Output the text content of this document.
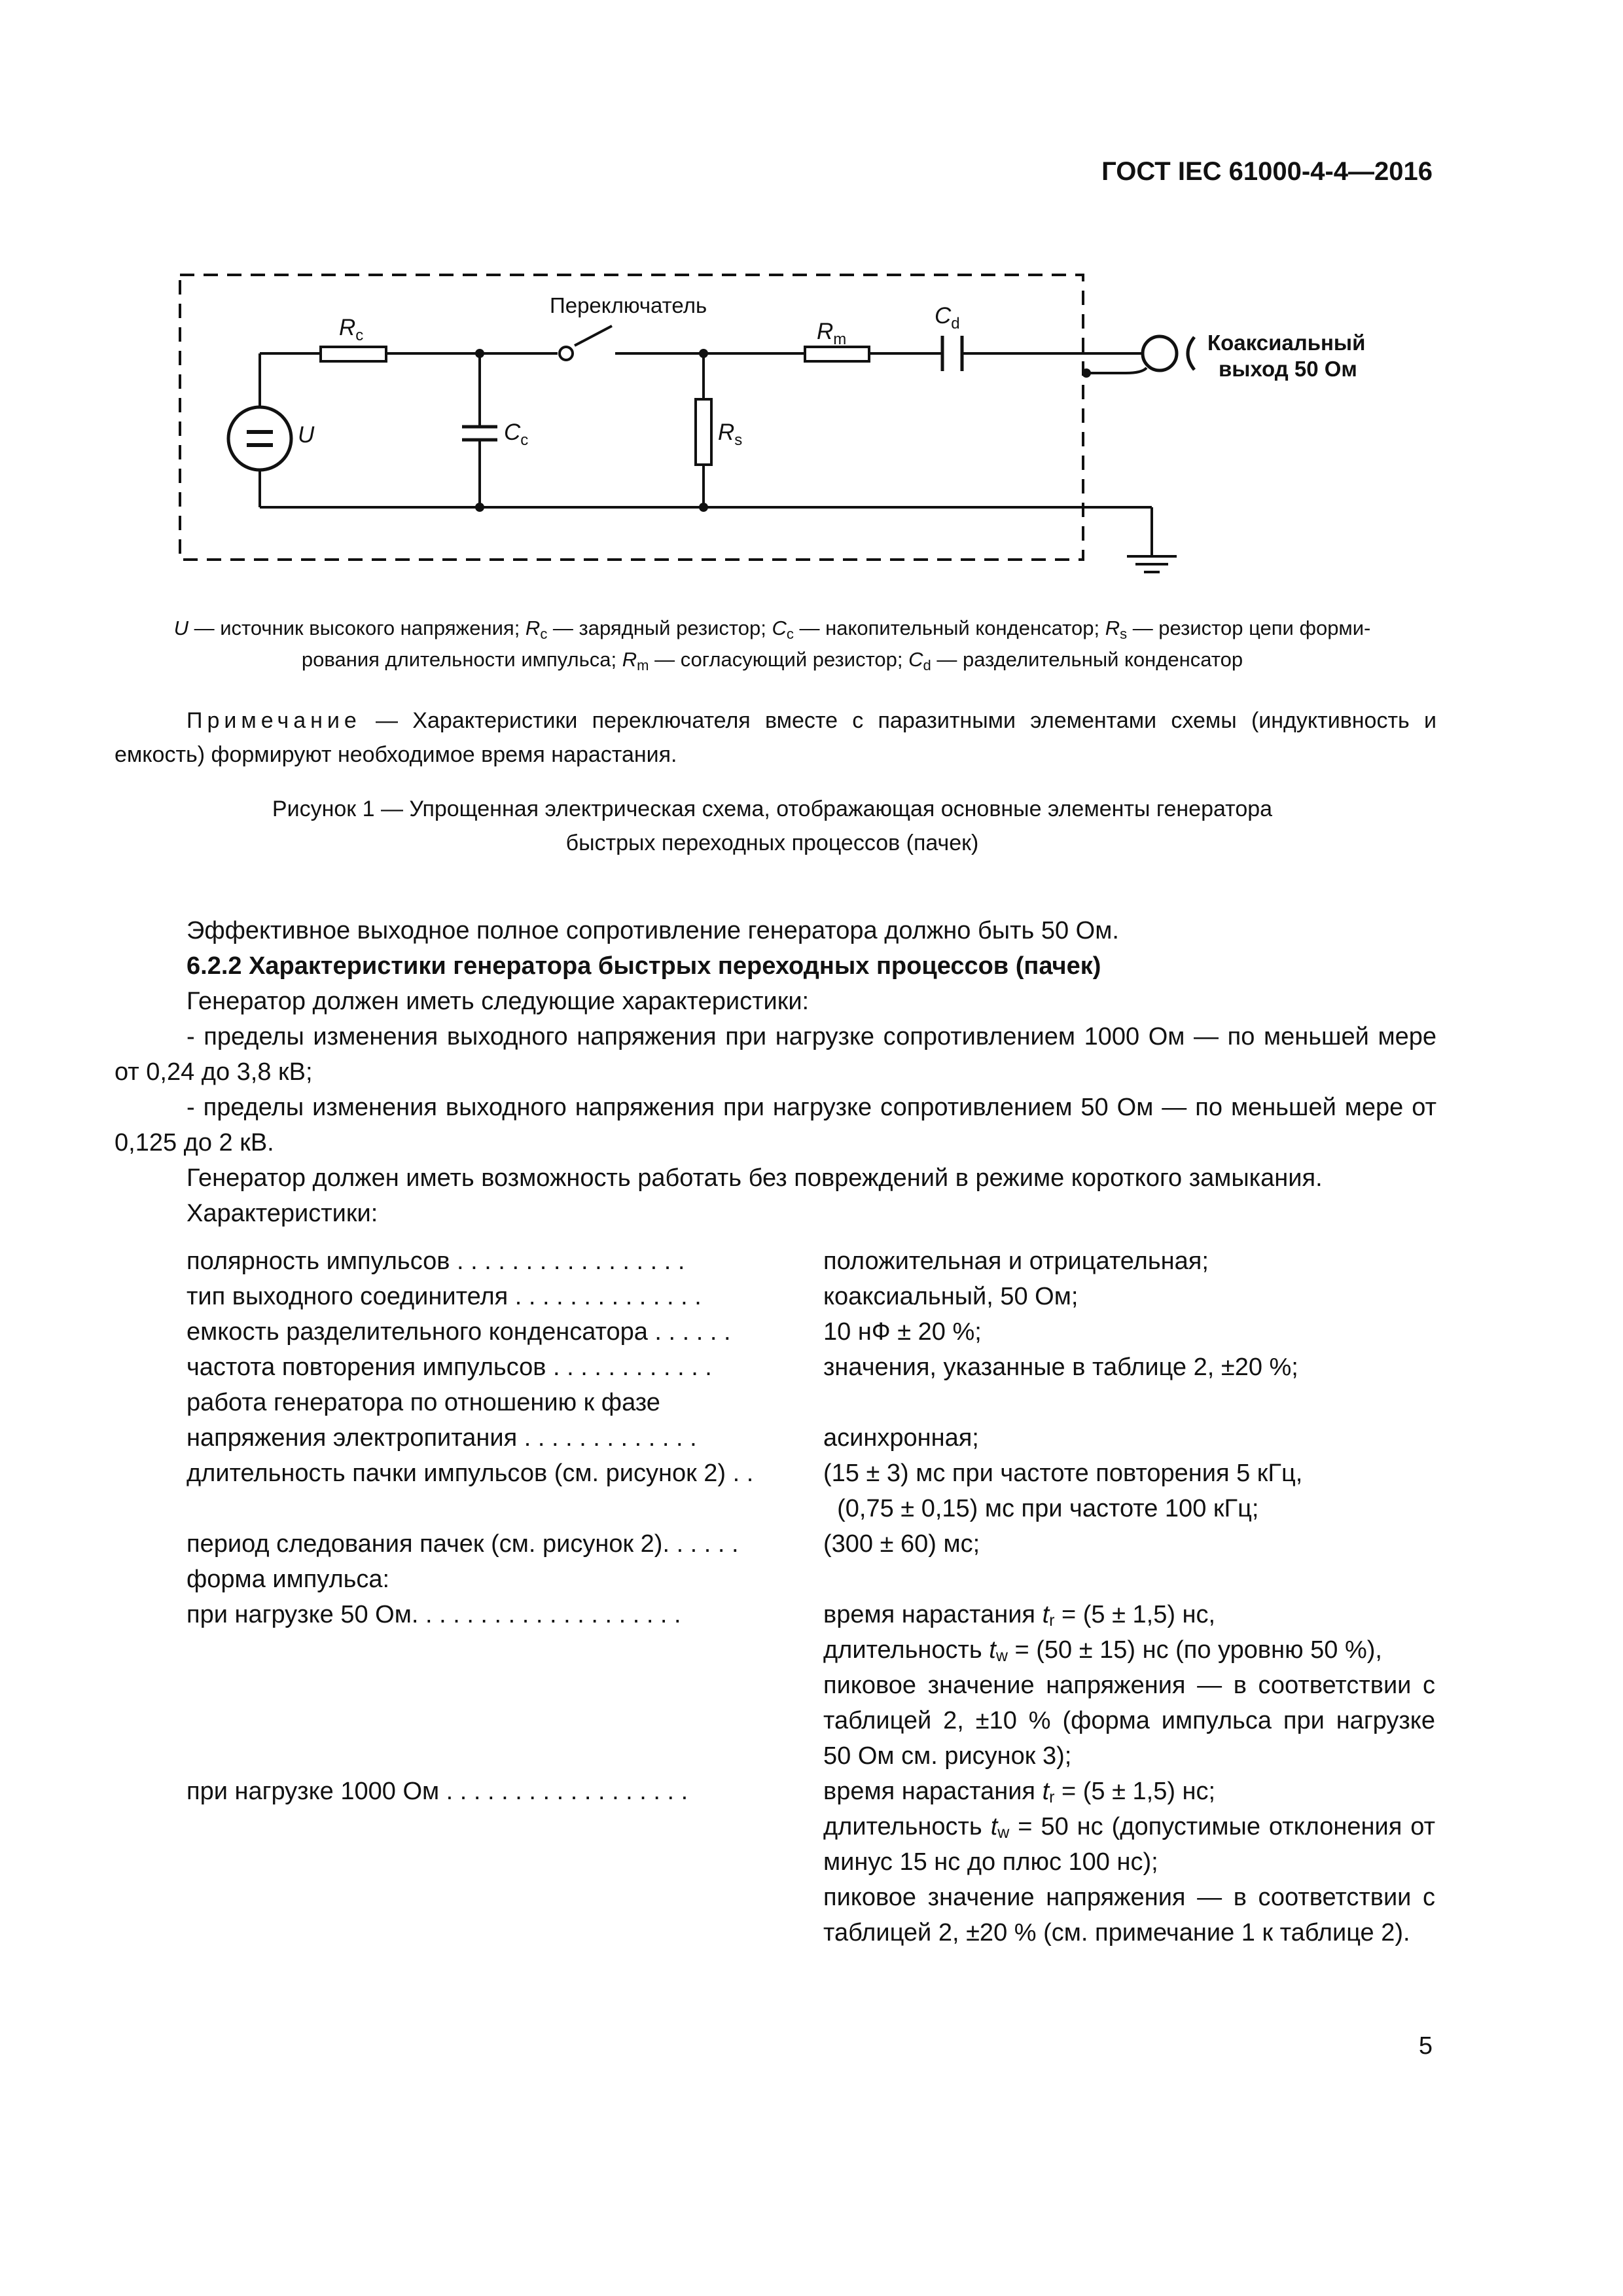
ГОСТ IEC 61000-4-4—2016
Переключатель
$R_c$	$R_m$
$C_d$
$C_c$	$R_s$
U
Коаксиальный
выход 50 Ом
U — источник высокого напряжения; $R_c$ — зарядный резистор; $C_c$ — накопительный конденсатор; $R_s$ — резистор цепи форми-
рования длительности импульса; $R_m$ — согласующий резистор; $C_d$ — разделительный конденсатор
Примечание — Характеристики переключателя вместе с паразитными элементами схемы (индуктивность и емкость) формируют необходимое время нарастания.
Рисунок 1 — Упрощенная электрическая схема, отображающая основные элементы генератора
быстрых переходных процессов (пачек)
Эффективное выходное полное сопротивление генератора должно быть 50 Ом.
6.2.2 Характеристики генератора быстрых переходных процессов (пачек)
Генератор должен иметь следующие характеристики:
- пределы изменения выходного напряжения при нагрузке сопротивлением 1000 Ом — по меньшей мере от 0,24 до 3,8 кВ;
- пределы изменения выходного напряжения при нагрузке сопротивлением 50 Ом — по меньшей мере от 0,125 до 2 кВ.
Генератор должен иметь возможность работать без повреждений в режиме короткого замыкания.
Характеристики:
полярность импульсов . . . . . . . . . . . . . . . . .	положительная и отрицательная;
тип выходного соединителя . . . . . . . . . . . . . .	коаксиальный, 50 Ом;
емкость разделительного конденсатора . . . . . .	10 нФ ± 20 %;
частота повторения импульсов . . . . . . . . . . . .	значения, указанные в таблице 2, ±20 %;
работа генератора по отношению к фазе
напряжения электропитания . . . . . . . . . . . . .	асинхронная;
длительность пачки импульсов (см. рисунок 2) . .	(15 ± 3) мс при частоте повторения 5 кГц,
(0,75 ± 0,15) мс при частоте 100 кГц;
период следования пачек (см. рисунок 2). . . . . .	(300 ± 60) мс;
форма импульса:
при нагрузке 50 Ом. . . . . . . . . . . . . . . . . . . .	время нарастания $t_r = (5 \pm 1,5)$ нс,
длительность $t_w = (50 \pm 15)$ нс (по уровню 50 %),
пиковое значение напряжения — в соответствии с таблицей 2, ±10 % (форма импульса при нагрузке 50 Ом см. рисунок 3);
при нагрузке 1000 Ом . . . . . . . . . . . . . . . . . .	время нарастания $t_r = (5 \pm 1,5)$ нс;
длительность $t_w = 50$ нс (допустимые отклонения от минус 15 нс до плюс 100 нс);
пиковое значение напряжения — в соответствии с таблицей 2, ±20 % (см. примечание 1 к таблице 2).
5
